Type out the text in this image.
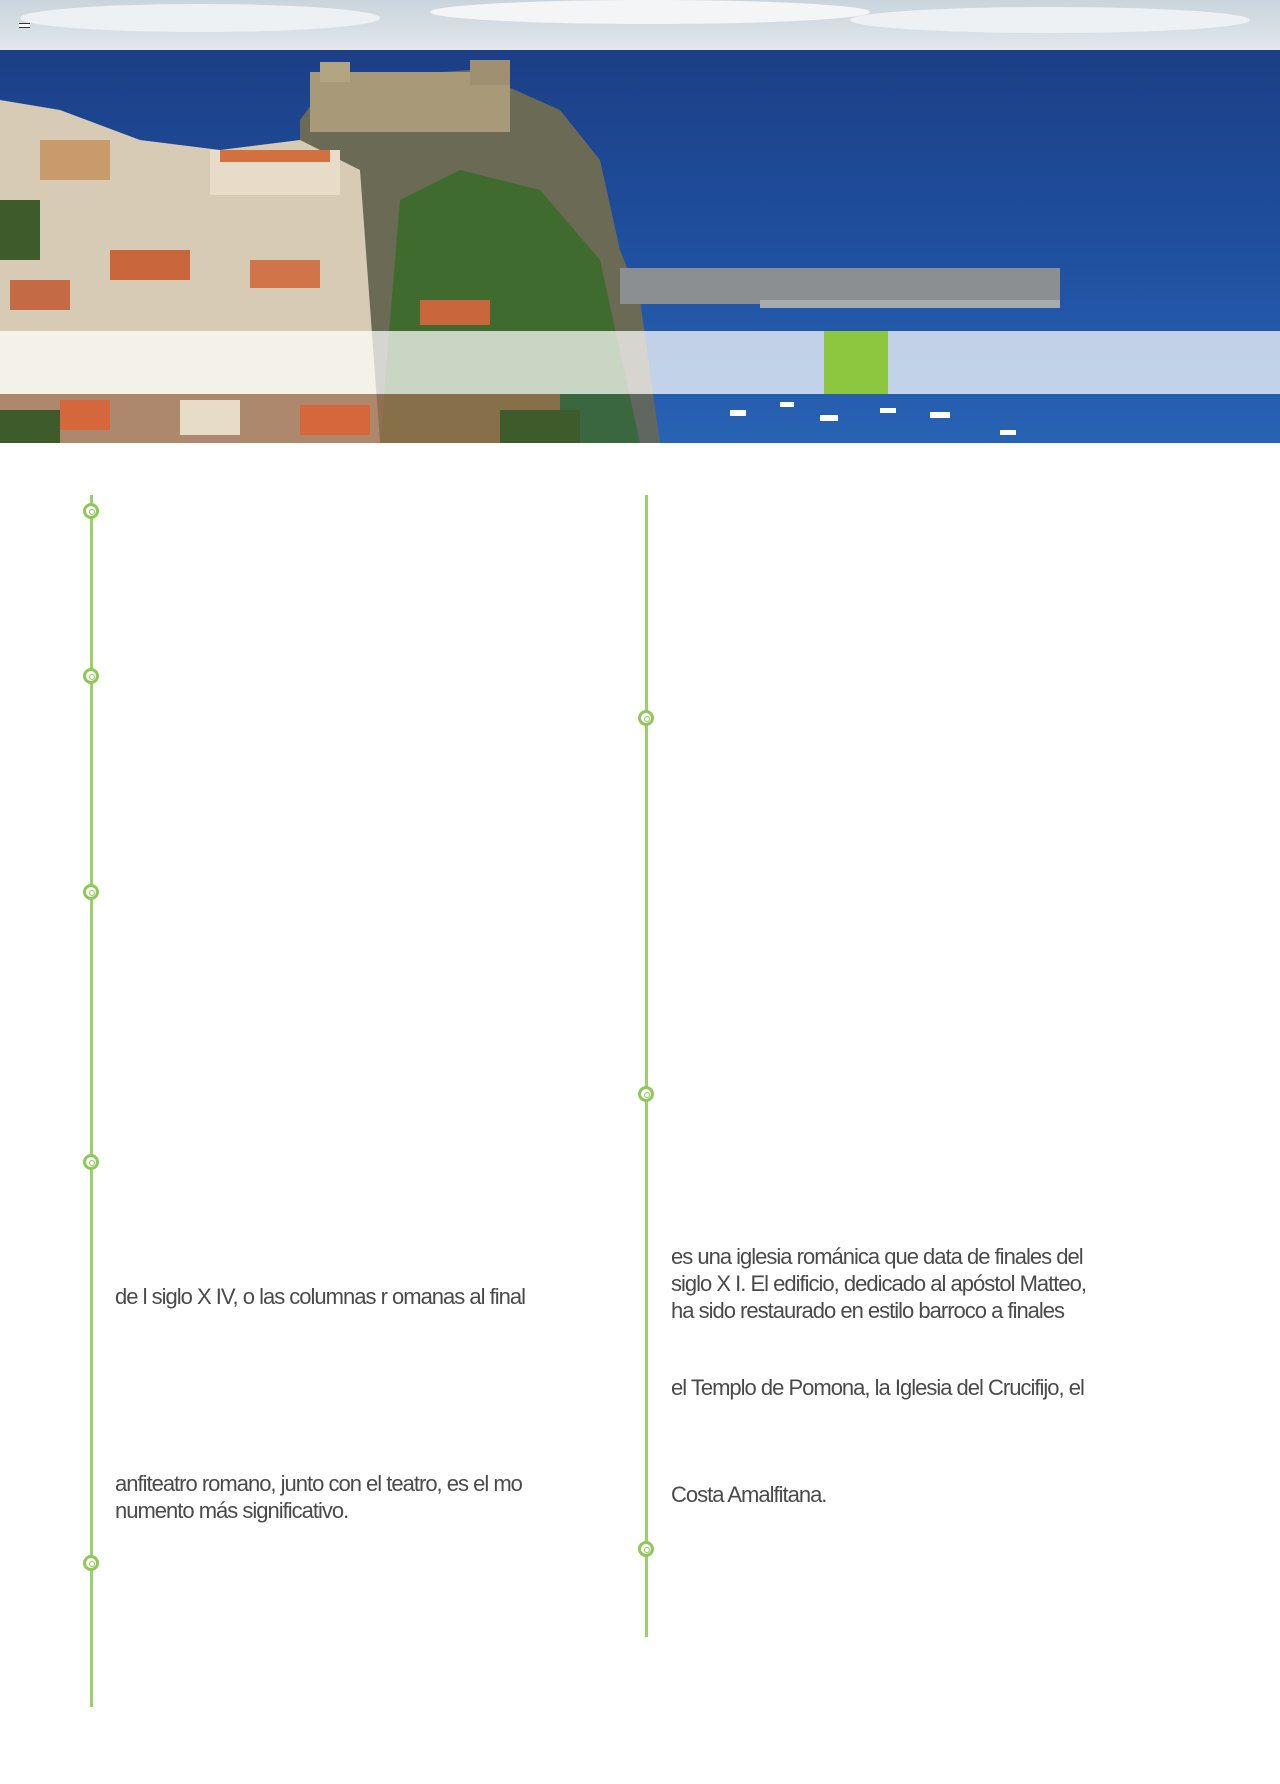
de l siglo X IV, o las columnas r omanas al final
anfiteatro romano, junto con el teatro, es el mo
numento más significativo.
es una iglesia románica que data de finales del
siglo X I. El edificio, dedicado al apóstol Matteo,
ha sido restaurado en estilo barroco a finales
el Templo de Pomona, la Iglesia del Crucifijo, el
Costa Amalfitana.
